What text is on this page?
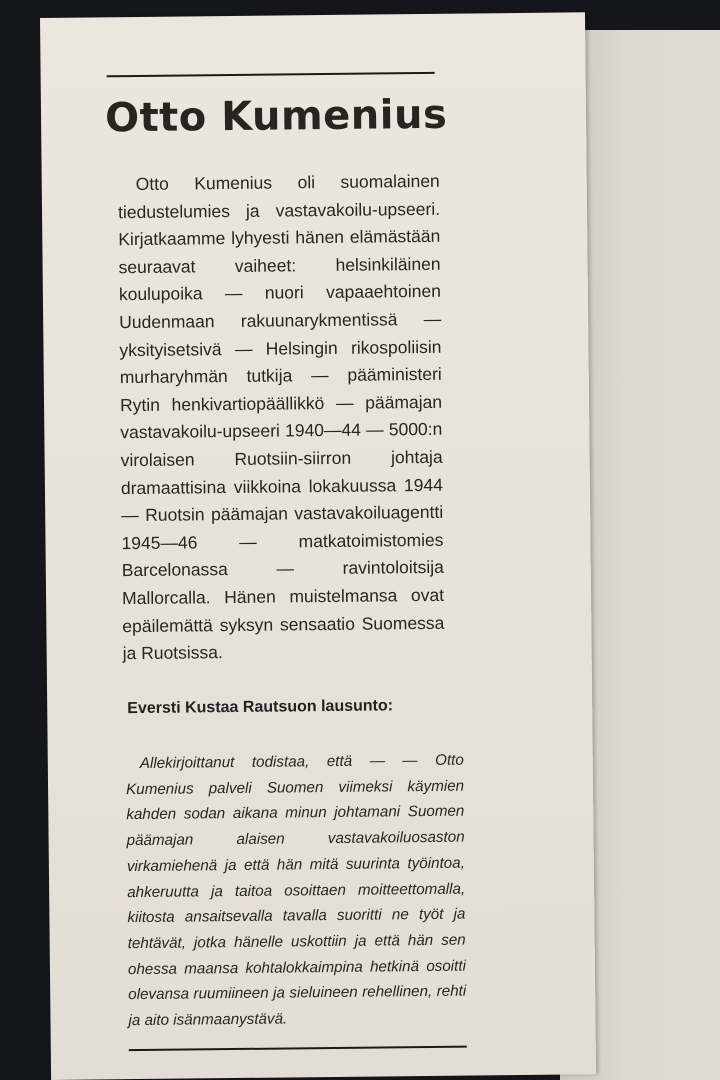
Otto Kumenius

Otto Kumenius oli suomalainen tiedustelumies ja vastavakoilu-upseeri. Kirjatkaamme lyhyesti hänen elämästään seuraavat vaiheet: helsinkiläinen koulupoika — nuori vapaaehtoinen Uudenmaan rakuunarykmentissä — yksityisetsivä — Helsingin rikospoliisin murharyhmän tutkija — pääministeri Rytin henkivartiopäällikkö — päämajan vastavakoilu-upseeri 1940—44 — 5000:n virolaisen Ruotsiin-siirron johtaja dramaattisina viikkoina lokakuussa 1944 — Ruotsin päämajan vastavakoiluagentti 1945—46 — matkatoimistomies Barcelonassa — ravintoloitsija Mallorcalla. Hänen muistelmansa ovat epäilemättä syksyn sensaatio Suomessa ja Ruotsissa.

Eversti Kustaa Rautsuon lausunto:

Allekirjoittanut todistaa, että — — Otto Kumenius palveli Suomen viimeksi käymien kahden sodan aikana minun johtamani Suomen päämajan alaisen vastavakoiluosaston virkamiehenä ja että hän mitä suurinta työintoa, ahkeruutta ja taitoa osoittaen moitteettomalla, kiitosta ansaitsevalla tavalla suoritti ne työt ja tehtävät, jotka hänelle uskottiin ja että hän sen ohessa maansa kohtalokkaimpina hetkinä osoitti olevansa ruumiineen ja sieluineen rehellinen, rehti ja aito isänmaanystävä.
